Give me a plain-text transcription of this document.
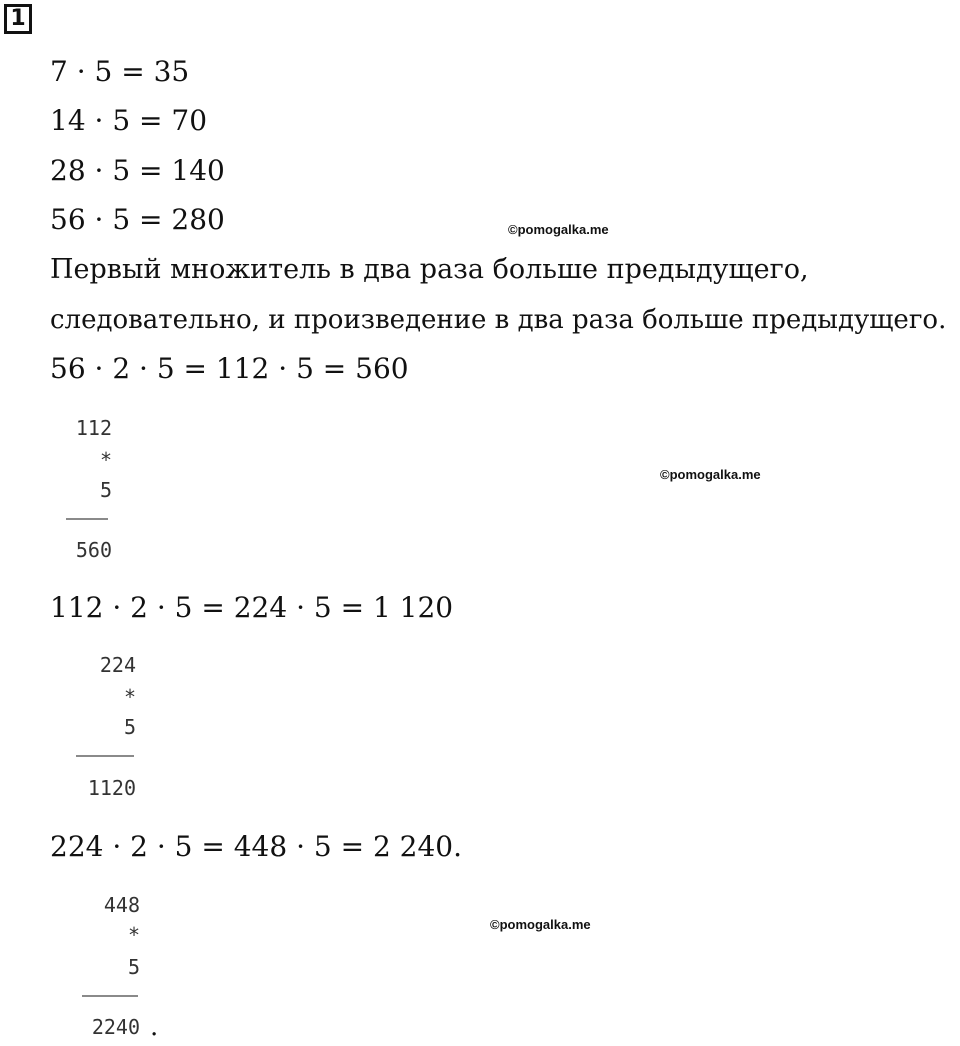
1
7 · 5 = 35
14 · 5 = 70
28 · 5 = 140
56 · 5 = 280	©pomogalka.me
Первый множитель в два раза больше предыдущего,
следовательно, и произведение в два раза больше предыдущего.
56 · 2 · 5 = 112 · 5 = 560
112
*
5
560
©pomogalka.me
112 · 2 · 5 = 224 · 5 = 1 120
224
*
5
1120
224 · 2 · 5 = 448 · 5 = 2 240.
448
*
5
2240 .
©pomogalka.me
